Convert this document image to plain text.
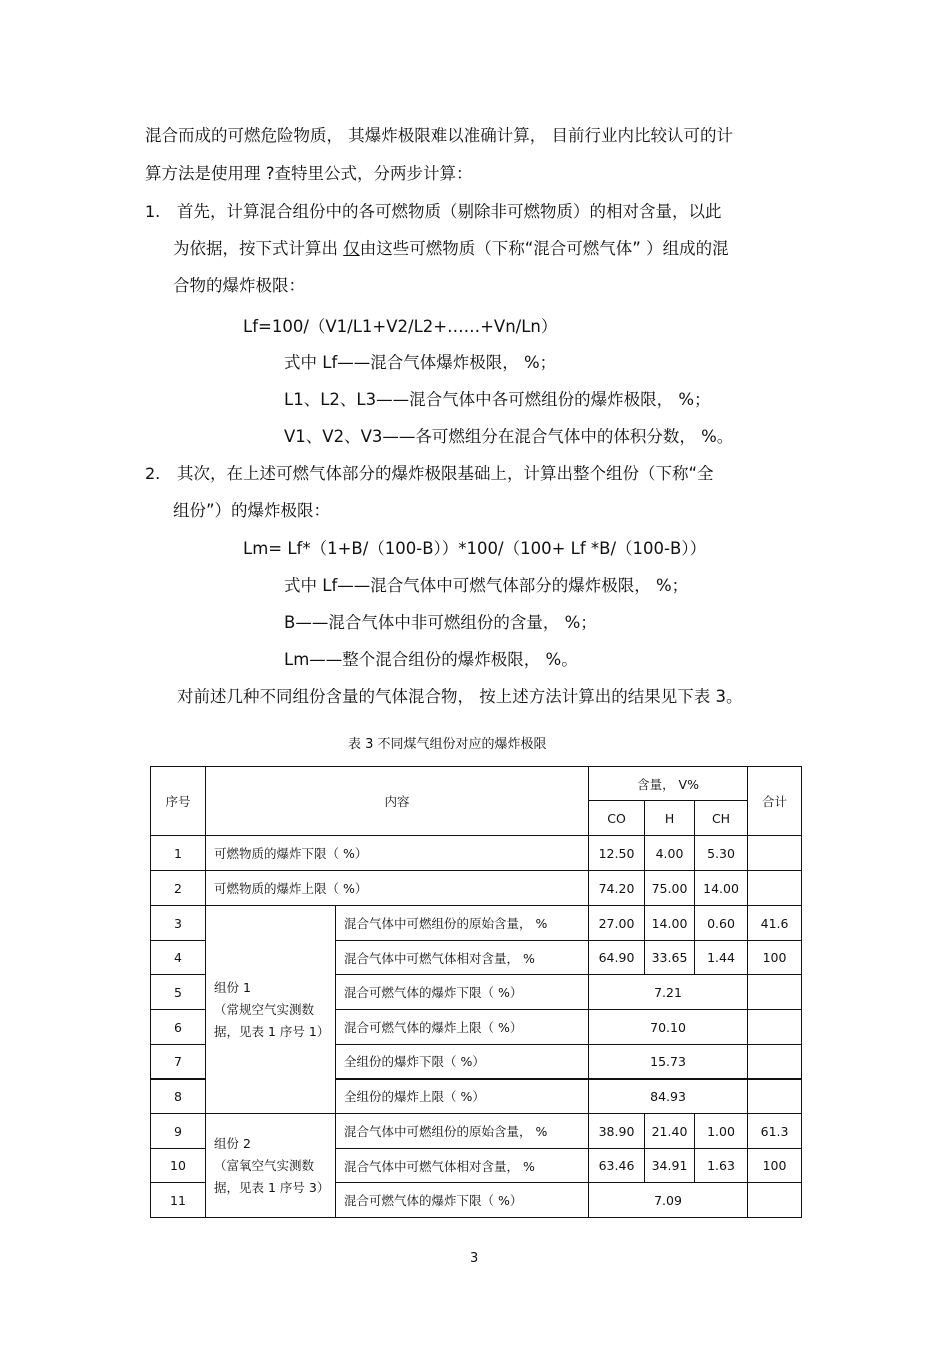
混合而成的可燃危险物质， 其爆炸极限难以准确计算， 目前行业内比较认可的计
算方法是使用理 ?查特里公式，分两步计算：
1. 首先，计算混合组份中的各可燃物质（剔除非可燃物质）的相对含量，以此
为依据，按下式计算出 仅由这些可燃物质（下称“混合可燃气体” ）组成的混
合物的爆炸极限：
Lf=100/（V1/L1+V2/L2+……+Vn/Ln）
式中 Lf——混合气体爆炸极限， %；
L1、L2、L3——混合气体中各可燃组份的爆炸极限， %；
V1、V2、V3——各可燃组分在混合气体中的体积分数， %。
2. 其次，在上述可燃气体部分的爆炸极限基础上，计算出整个组份（下称“全
组份”）的爆炸极限：
Lm= Lf*（1+B/（100-B））*100/（100+ Lf *B/（100-B））
式中 Lf——混合气体中可燃气体部分的爆炸极限， %；
B——混合气体中非可燃组份的含量， %；
Lm——整个混合组份的爆炸极限， %。
对前述几种不同组份含量的气体混合物， 按上述方法计算出的结果见下表 3。
表 3 不同煤气组份对应的爆炸极限
序号	内容		含量， V%			合计
			CO	H	CH	
1	可燃物质的爆炸下限（ %）		12.50	4.00	5.30	
2	可燃物质的爆炸上限（ %）		74.20	75.00	14.00	
3	组份 1
（常规空气实测数
据，见表 1 序号 1）	混合气体中可燃组份的原始含量， %	27.00	14.00	0.60	41.6
4		混合气体中可燃气体相对含量， %	64.90	33.65	1.44	100
5		混合可燃气体的爆炸下限（ %）	7.21			
6		混合可燃气体的爆炸上限（ %）	70.10			
7		全组份的爆炸下限（ %）	15.73			
8		全组份的爆炸上限（ %）	84.93			
9	组份 2
（富氧空气实测数
据，见表 1 序号 3）	混合气体中可燃组份的原始含量， %	38.90	21.40	1.00	61.3
10		混合气体中可燃气体相对含量， %	63.46	34.91	1.63	100
11		混合可燃气体的爆炸下限（ %）	7.09			
3
